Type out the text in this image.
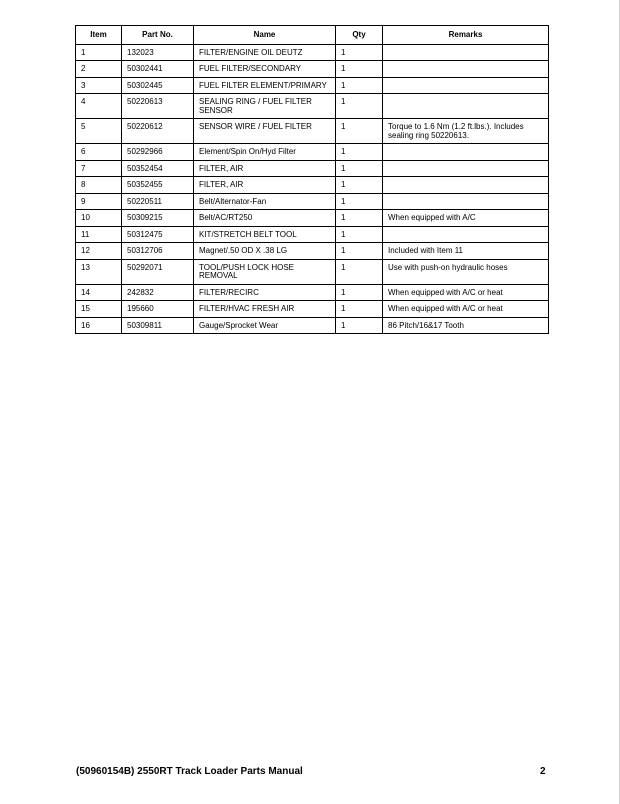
Item	Part No.	Name	Qty	Remarks
1	132023	FILTER/ENGINE OIL DEUTZ	1	
2	50302441	FUEL FILTER/SECONDARY	1	
3	50302445	FUEL FILTER ELEMENT/PRIMARY	1	
4	50220613	SEALING RING / FUEL FILTER SENSOR	1	
5	50220612	SENSOR WIRE / FUEL FILTER	1	Torque to 1.6 Nm (1.2 ft.lbs.). Includes sealing ring 50220613.
6	50292966	Element/Spin On/Hyd Filter	1	
7	50352454	FILTER, AIR	1	
8	50352455	FILTER, AIR	1	
9	50220511	Belt/Alternator-Fan	1	
10	50309215	Belt/AC/RT250	1	When equipped with A/C
11	50312475	KIT/STRETCH BELT TOOL	1	
12	50312706	Magnet/.50 OD X .38 LG	1	Included with Item 11
13	50292071	TOOL/PUSH LOCK HOSE REMOVAL	1	Use with push-on hydraulic hoses
14	242832	FILTER/RECIRC	1	When equipped with A/C or heat
15	195660	FILTER/HVAC FRESH AIR	1	When equipped with A/C or heat
16	50309811	Gauge/Sprocket Wear	1	86 Pitch/16&17 Tooth
(50960154B) 2550RT Track Loader Parts Manual	2
